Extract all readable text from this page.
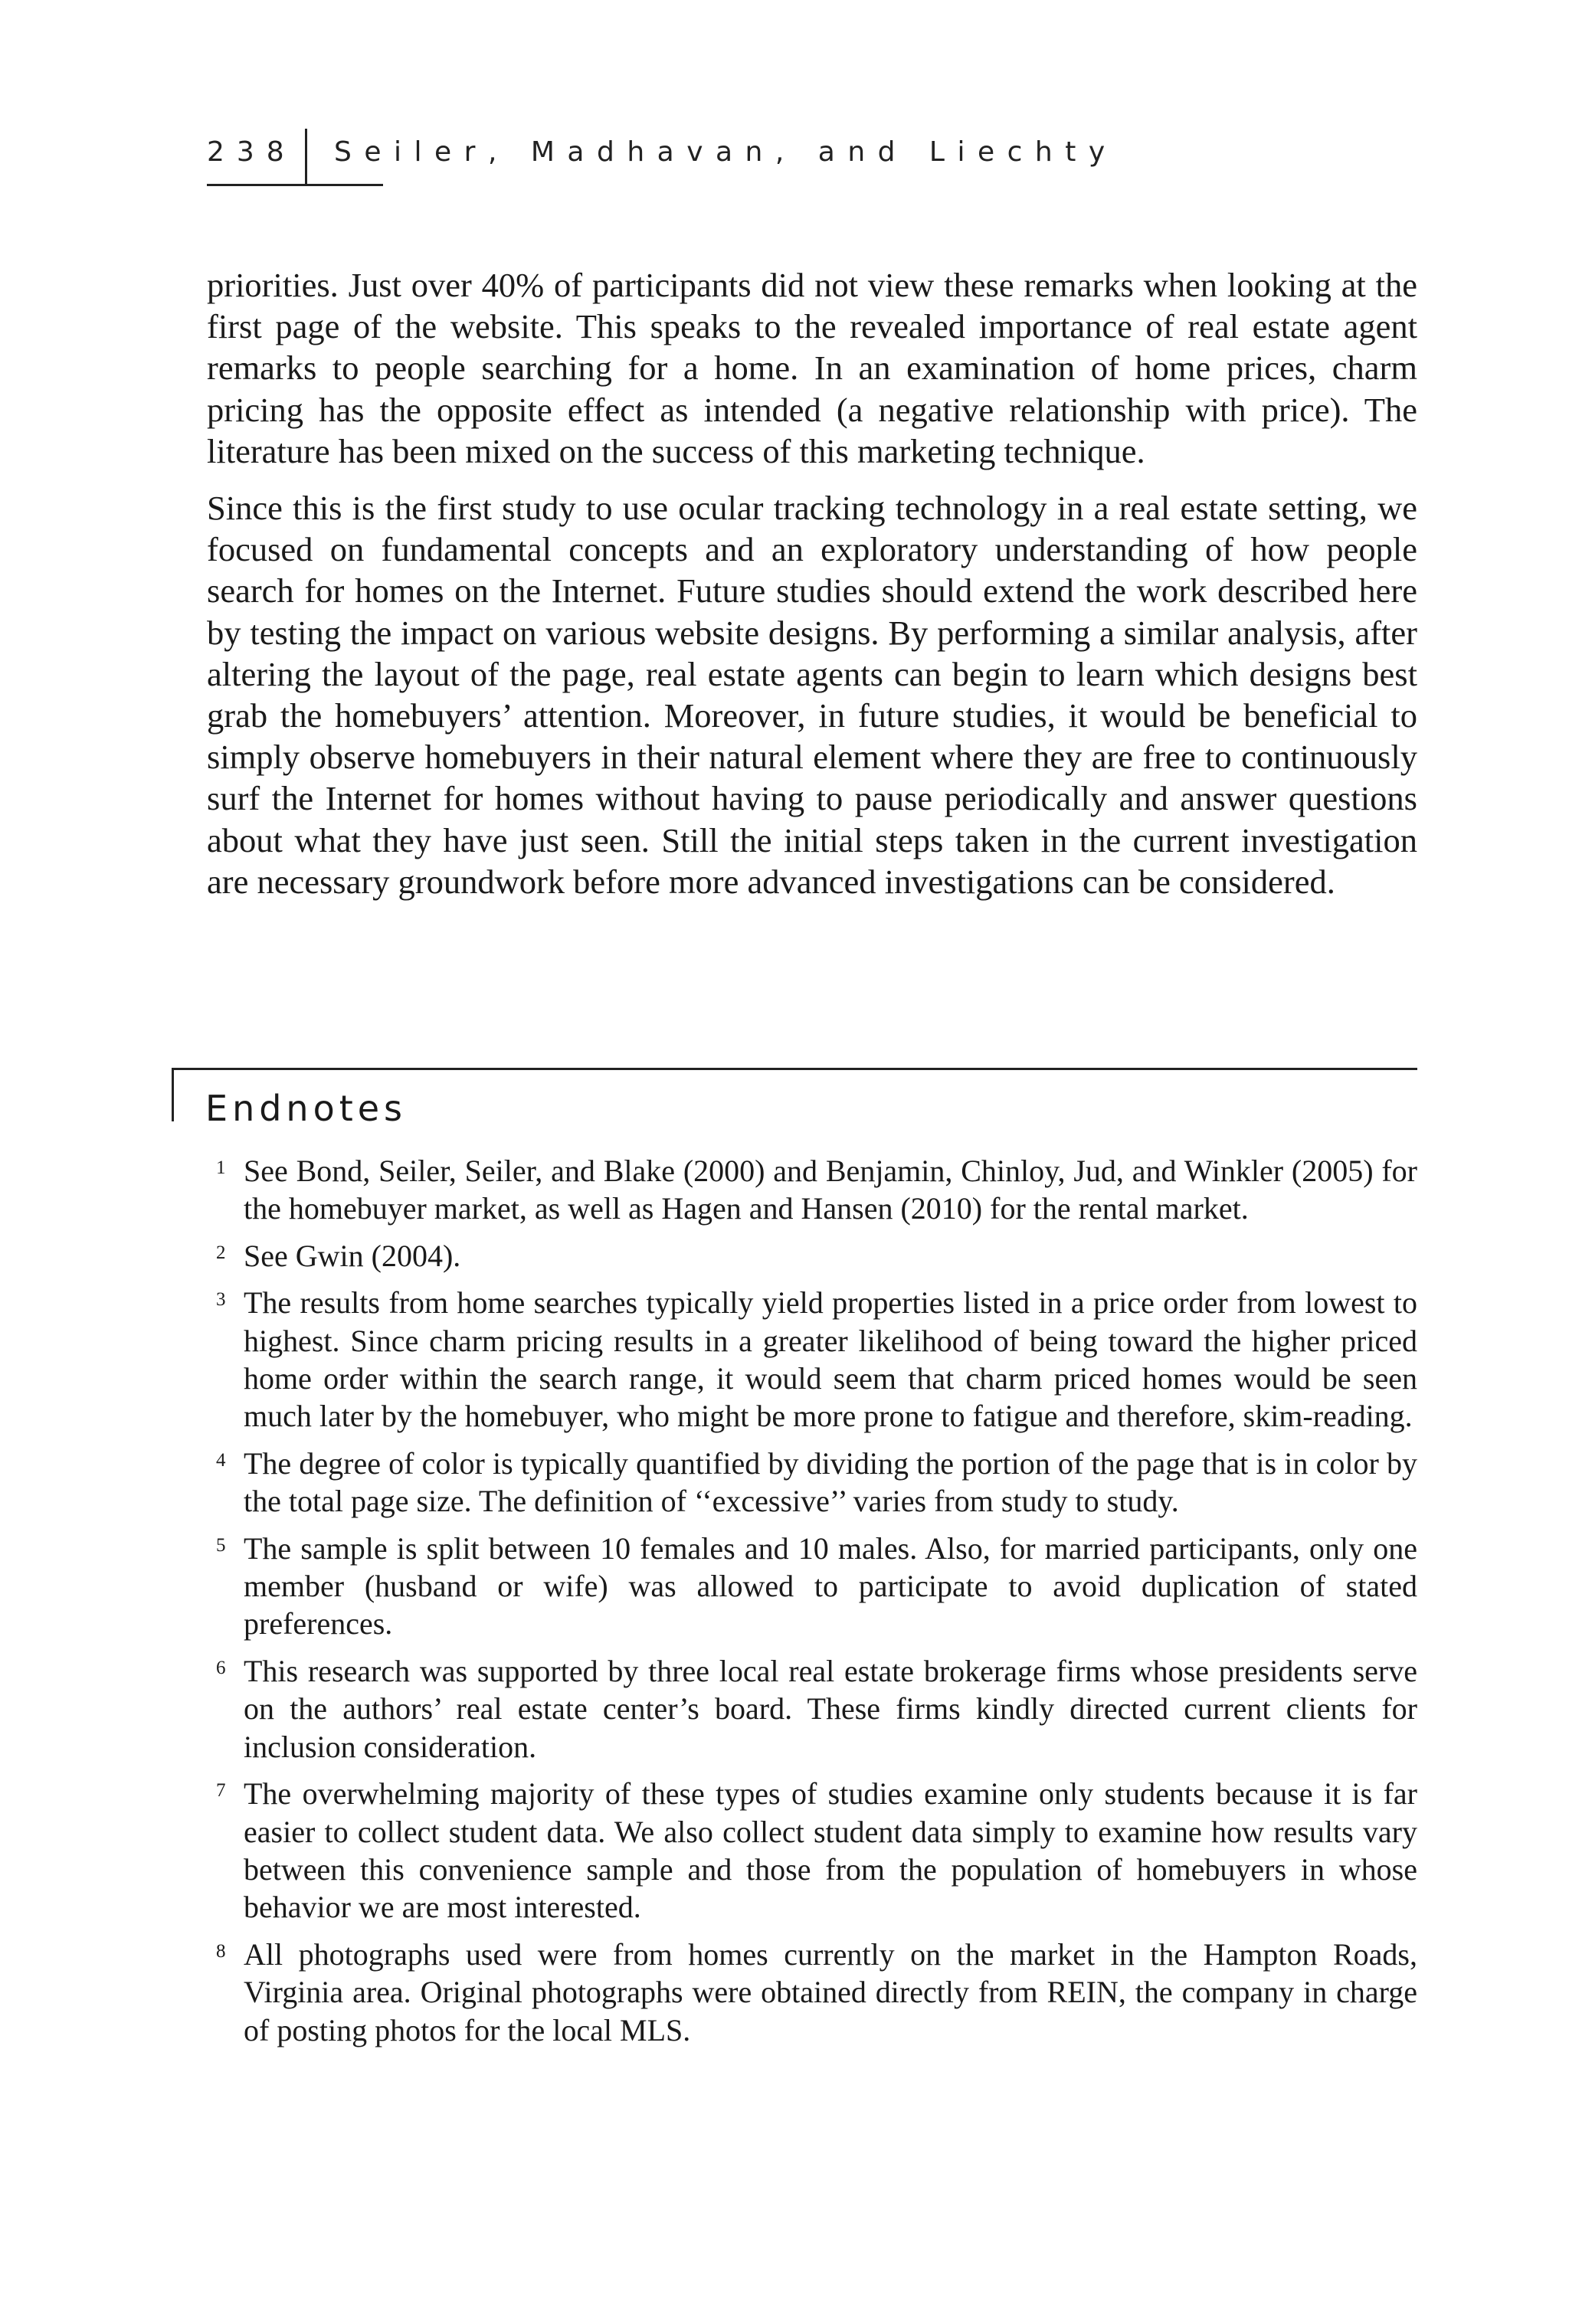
238 Seiler, Madhavan, and Liechty

priorities. Just over 40% of participants did not view these remarks when looking at the first page of the website. This speaks to the revealed importance of real estate agent remarks to people searching for a home. In an examination of home prices, charm pricing has the opposite effect as intended (a negative relationship with price). The literature has been mixed on the success of this marketing technique.

Since this is the first study to use ocular tracking technology in a real estate setting, we focused on fundamental concepts and an exploratory understanding of how people search for homes on the Internet. Future studies should extend the work described here by testing the impact on various website designs. By performing a similar analysis, after altering the layout of the page, real estate agents can begin to learn which designs best grab the homebuyers’ attention. Moreover, in future studies, it would be beneficial to simply observe homebuyers in their natural element where they are free to continuously surf the Internet for homes without having to pause periodically and answer questions about what they have just seen. Still the initial steps taken in the current investigation are necessary groundwork before more advanced investigations can be considered.

Endnotes
1 See Bond, Seiler, Seiler, and Blake (2000) and Benjamin, Chinloy, Jud, and Winkler (2005) for the homebuyer market, as well as Hagen and Hansen (2010) for the rental market.
2 See Gwin (2004).
3 The results from home searches typically yield properties listed in a price order from lowest to highest. Since charm pricing results in a greater likelihood of being toward the higher priced home order within the search range, it would seem that charm priced homes would be seen much later by the homebuyer, who might be more prone to fatigue and therefore, skim-reading.
4 The degree of color is typically quantified by dividing the portion of the page that is in color by the total page size. The definition of ‘‘excessive’’ varies from study to study.
5 The sample is split between 10 females and 10 males. Also, for married participants, only one member (husband or wife) was allowed to participate to avoid duplication of stated preferences.
6 This research was supported by three local real estate brokerage firms whose presidents serve on the authors’ real estate center’s board. These firms kindly directed current clients for inclusion consideration.
7 The overwhelming majority of these types of studies examine only students because it is far easier to collect student data. We also collect student data simply to examine how results vary between this convenience sample and those from the population of homebuyers in whose behavior we are most interested.
8 All photographs used were from homes currently on the market in the Hampton Roads, Virginia area. Original photographs were obtained directly from REIN, the company in charge of posting photos for the local MLS.
